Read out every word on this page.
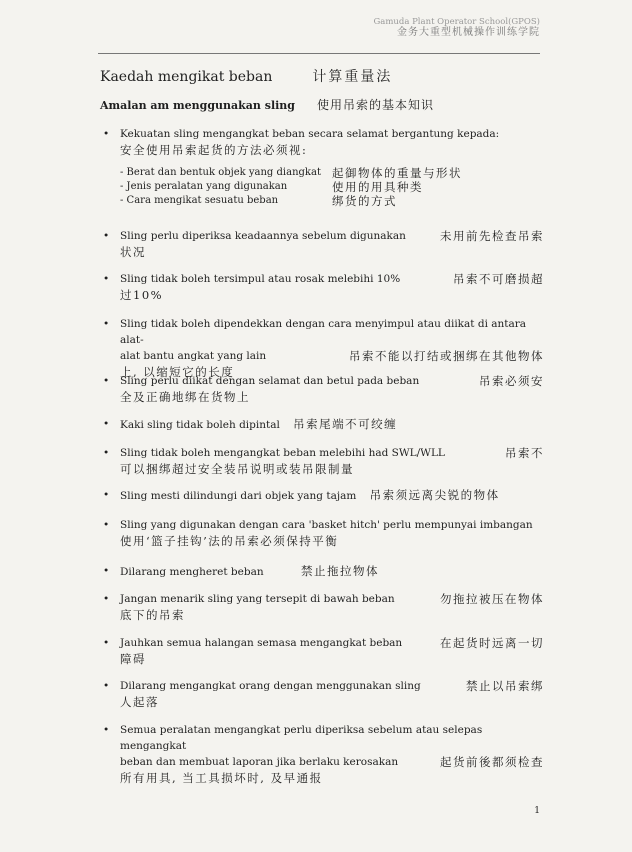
Gamuda Plant Operator School(GPOS)
金务大重型机械操作训练学院
Kaedah mengikat beban	计算重量法
Amalan am menggunakan sling 使用吊索的基本知识
• Kekuatan sling mengangkat beban secara selamat bergantung kepada:
安全使用吊索起货的方法必须视:
- Berat dan bentuk objek yang diangkat 起御物体的重量与形状
- Jenis peralatan yang digunakan	使用的用具种类
- Cara mengikat sesuatu beban	绑货的方式
• Sling perlu diperiksa keadaannya sebelum digunakan	未用前先检查吊索
状况
• Sling tidak boleh tersimpul atau rosak melebihi 10%	吊索不可磨损超
过10%
• Sling tidak boleh dipendekkan dengan cara menyimpul atau diikat di antara alat-
alat bantu angkat yang lain	吊索不能以打结或捆绑在其他物体
上, 以缩短它的长度
• Sling perlu diikat dengan selamat dan betul pada beban	吊索必须安
全及正确地绑在货物上
• Kaki sling tidak boleh dipintal 吊索尾端不可绞缠
• Sling tidak boleh mengangkat beban melebihi had SWL/WLL	吊索不
可以捆绑超过安全装吊说明或装吊限制量
• Sling mesti dilindungi dari objek yang tajam 吊索须远离尖锐的物体
• Sling yang digunakan dengan cara 'basket hitch' perlu mempunyai imbangan
使用‘篮子挂钩’法的吊索必须保持平衡
• Dilarang mengheret beban	禁止拖拉物体
• Jangan menarik sling yang tersepit di bawah beban	勿拖拉被压在物体
底下的吊索
• Jauhkan semua halangan semasa mengangkat beban	在起货时远离一切
障碍
• Dilarang mengangkat orang dengan menggunakan sling	禁止以吊索绑
人起落
• Semua peralatan mengangkat perlu diperiksa sebelum atau selepas mengangkat
beban dan membuat laporan jika berlaku kerosakan	起货前後都须检查
所有用具, 当工具损坏时, 及早通报
1
